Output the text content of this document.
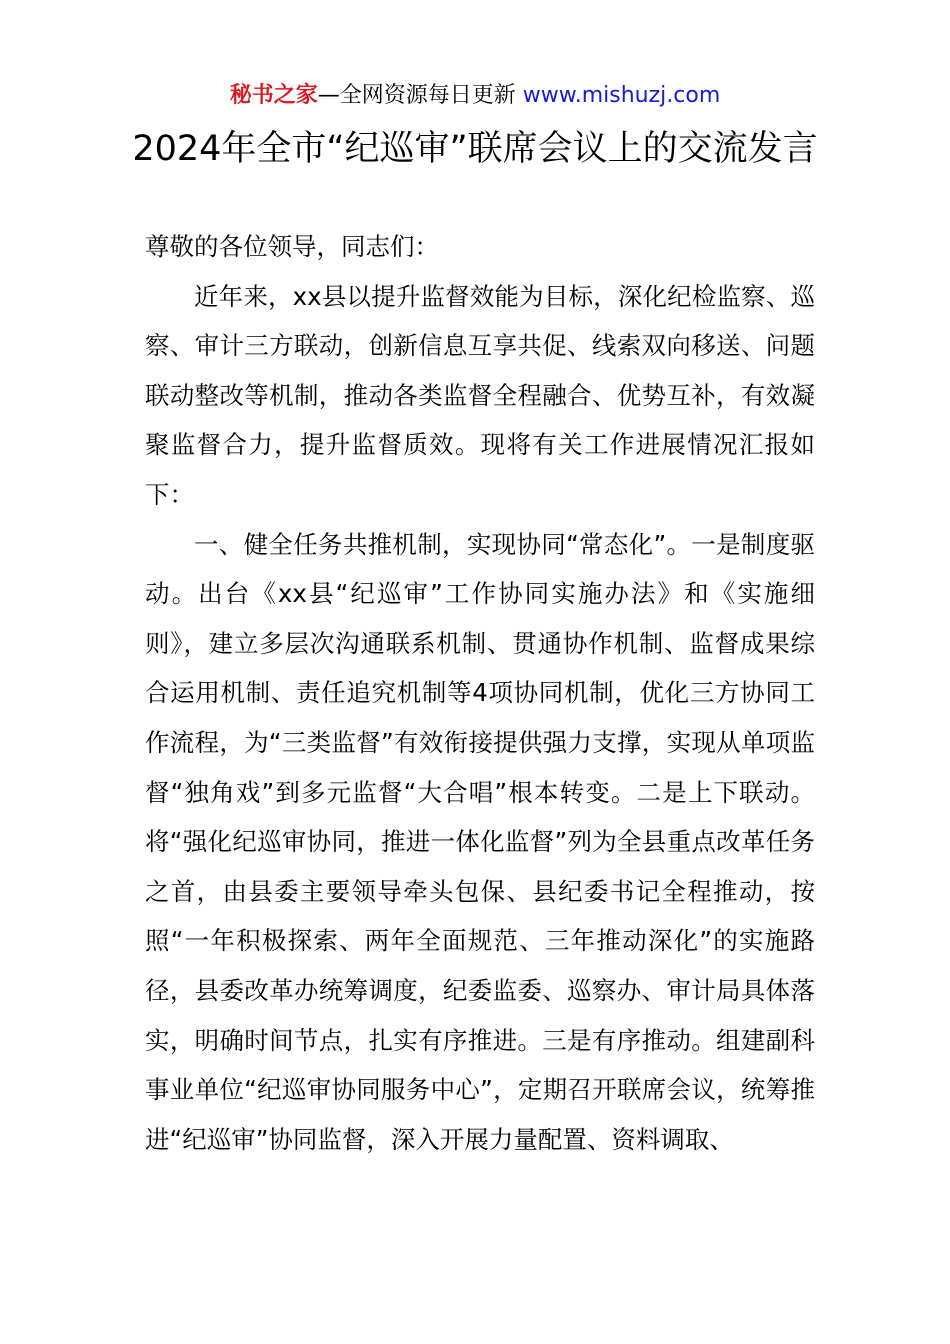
秘书之家—全网资源每日更新 www.mishuzj.com
2024年全市“纪巡审”联席会议上的交流发言

尊敬的各位领导，同志们：

近年来，xx县以提升监督效能为目标，深化纪检监察、巡察、审计三方联动，创新信息互享共促、线索双向移送、问题联动整改等机制，推动各类监督全程融合、优势互补，有效凝聚监督合力，提升监督质效。现将有关工作进展情况汇报如下：

一、健全任务共推机制，实现协同“常态化”。一是制度驱动。出台《xx县“纪巡审”工作协同实施办法》和《实施细则》，建立多层次沟通联系机制、贯通协作机制、监督成果综合运用机制、责任追究机制等4项协同机制，优化三方协同工作流程，为“三类监督”有效衔接提供强力支撑，实现从单项监督“独角戏”到多元监督“大合唱”根本转变。二是上下联动。将“强化纪巡审协同，推进一体化监督”列为全县重点改革任务之首，由县委主要领导牵头包保、县纪委书记全程推动，按照“一年积极探索、两年全面规范、三年推动深化”的实施路径，县委改革办统筹调度，纪委监委、巡察办、审计局具体落实，明确时间节点，扎实有序推进。三是有序推动。组建副科事业单位“纪巡审协同服务中心”，定期召开联席会议，统筹推进“纪巡审”协同监督，深入开展力量配置、资料调取、
